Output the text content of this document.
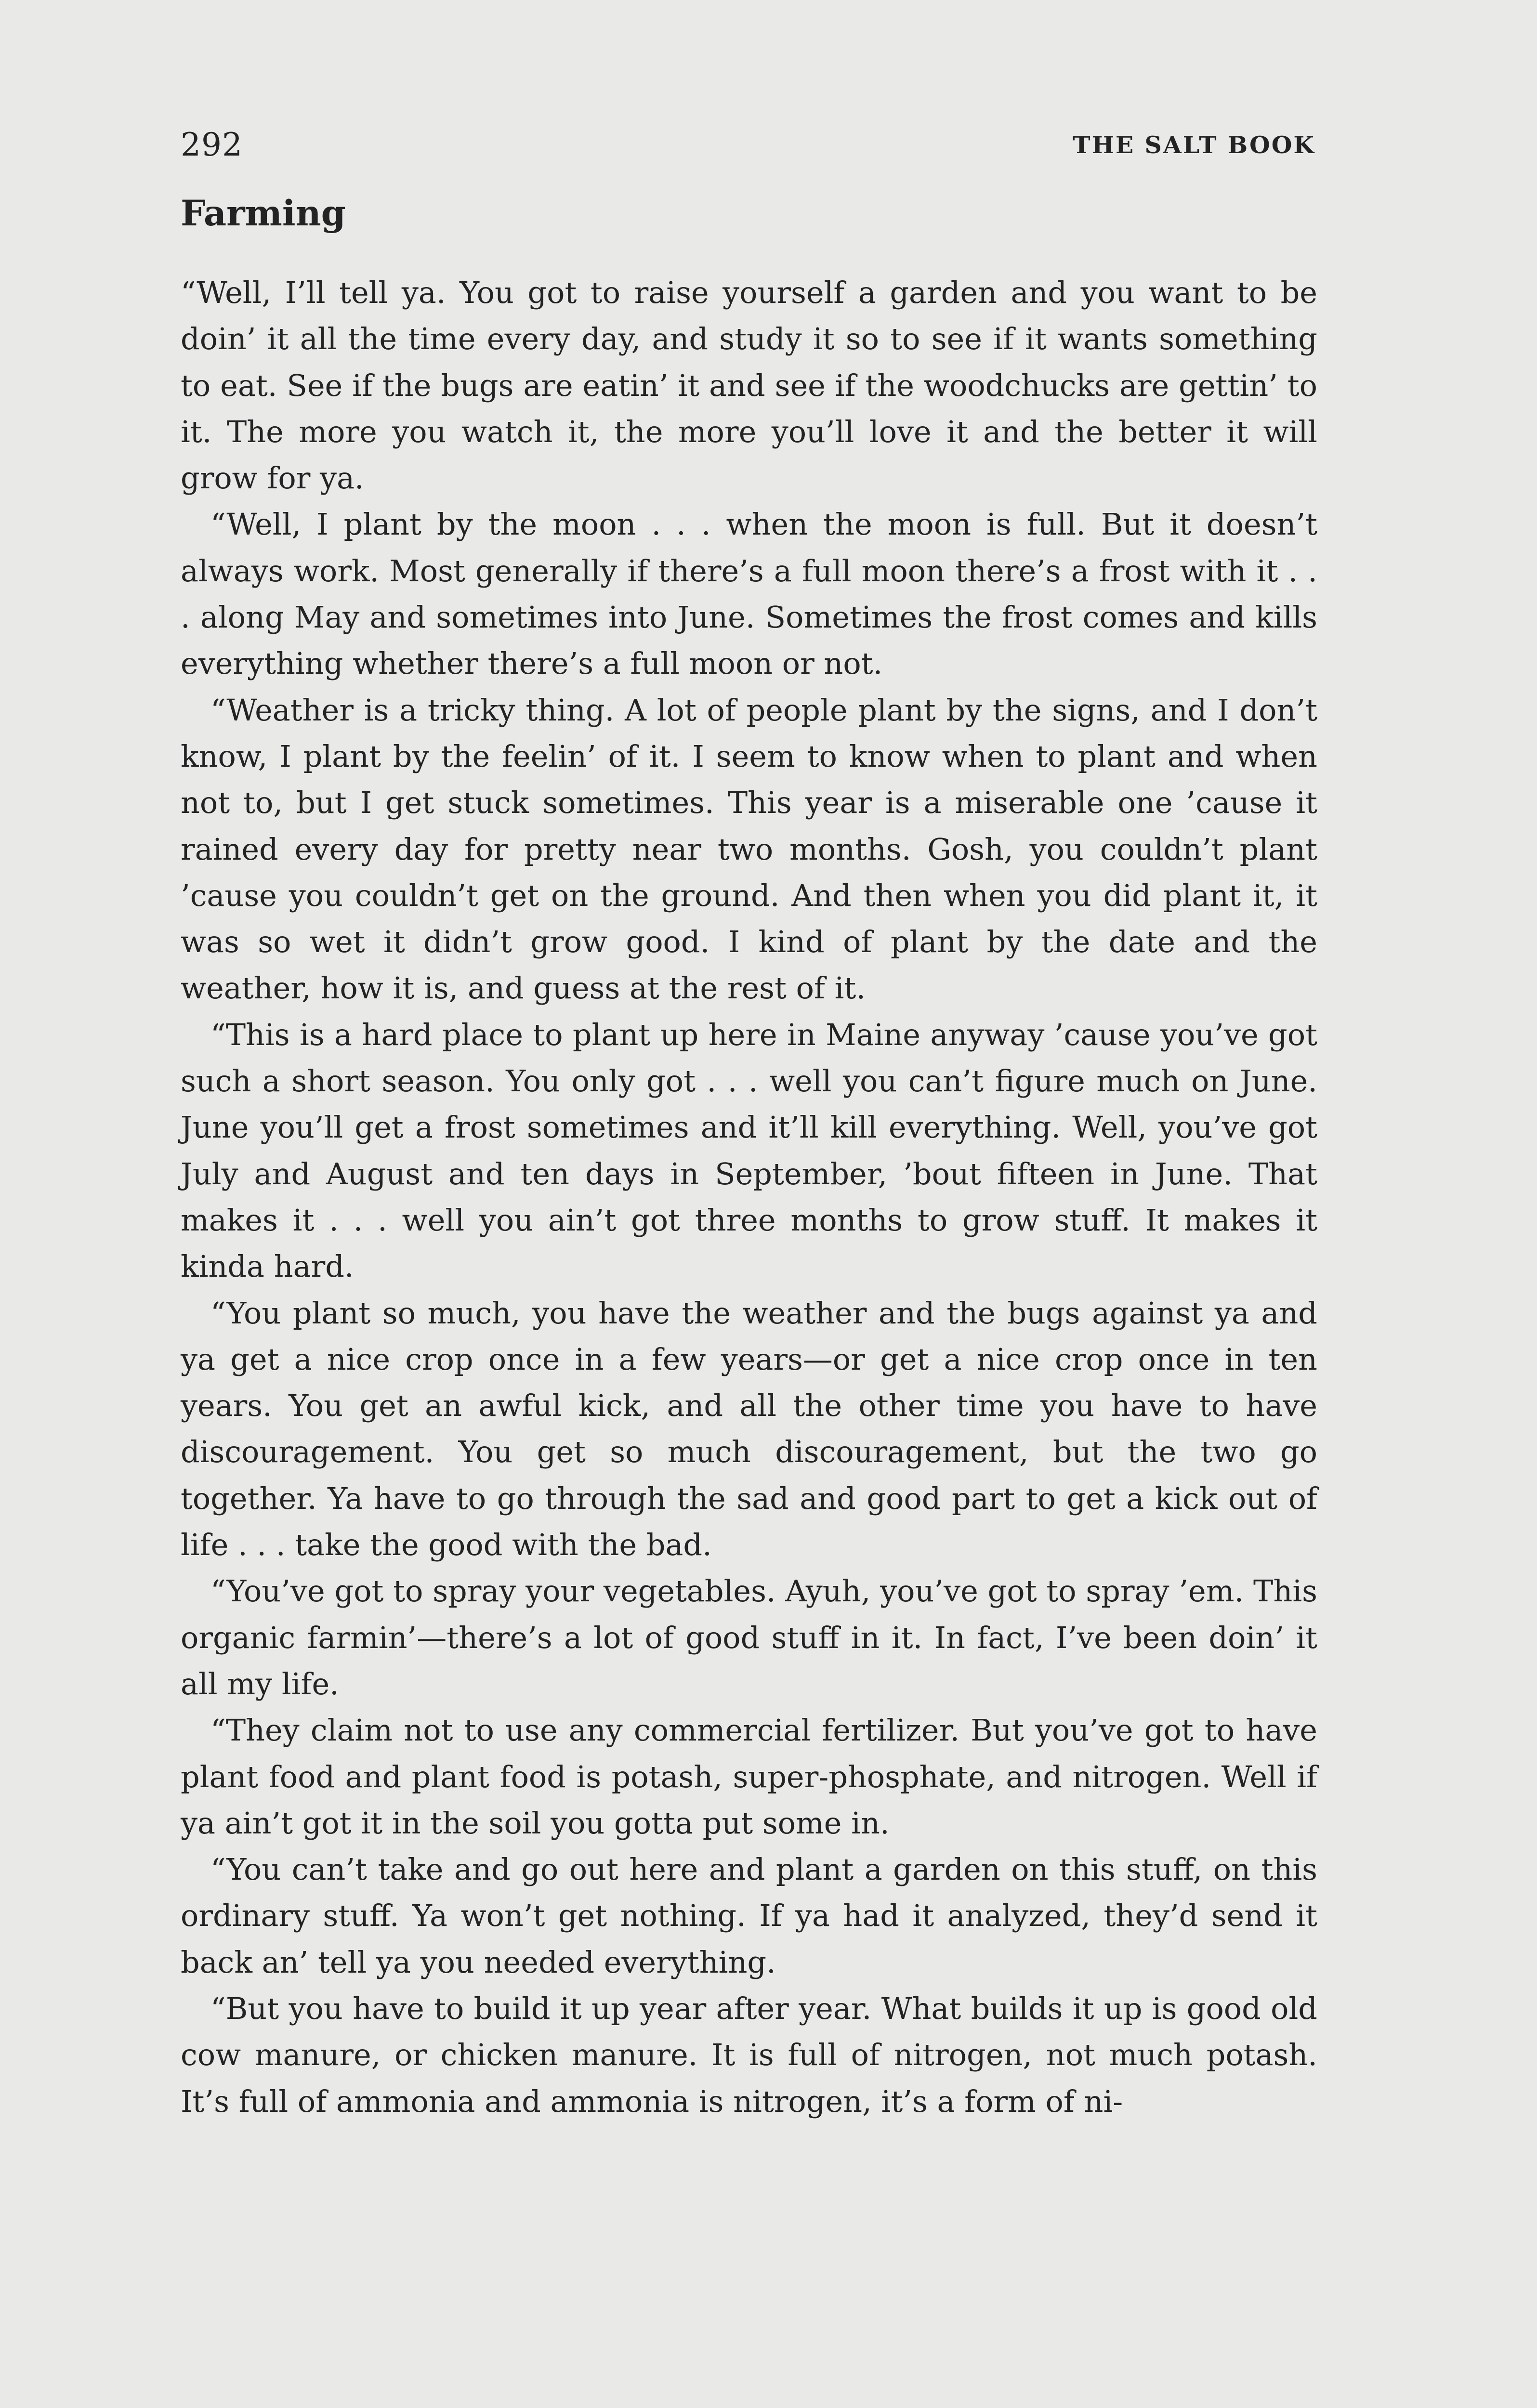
292	THE SALT BOOK
Farming

“Well, I’ll tell ya. You got to raise yourself a garden and you want to be doin’ it all the time every day, and study it so to see if it wants something to eat. See if the bugs are eatin’ it and see if the woodchucks are gettin’ to it. The more you watch it, the more you’ll love it and the better it will grow for ya.

“Well, I plant by the moon . . . when the moon is full. But it doesn’t always work. Most generally if there’s a full moon there’s a frost with it . . . along May and sometimes into June. Sometimes the frost comes and kills everything whether there’s a full moon or not.

“Weather is a tricky thing. A lot of people plant by the signs, and I don’t know, I plant by the feelin’ of it. I seem to know when to plant and when not to, but I get stuck sometimes. This year is a miserable one ’cause it rained every day for pretty near two months. Gosh, you couldn’t plant ’cause you couldn’t get on the ground. And then when you did plant it, it was so wet it didn’t grow good. I kind of plant by the date and the weather, how it is, and guess at the rest of it.

“This is a hard place to plant up here in Maine anyway ’cause you’ve got such a short season. You only got . . . well you can’t figure much on June. June you’ll get a frost sometimes and it’ll kill everything. Well, you’ve got July and August and ten days in September, ’bout fifteen in June. That makes it . . . well you ain’t got three months to grow stuff. It makes it kinda hard.

“You plant so much, you have the weather and the bugs against ya and ya get a nice crop once in a few years—or get a nice crop once in ten years. You get an awful kick, and all the other time you have to have discouragement. You get so much discouragement, but the two go together. Ya have to go through the sad and good part to get a kick out of life . . . take the good with the bad.

“You’ve got to spray your vegetables. Ayuh, you’ve got to spray ’em. This organic farmin’—there’s a lot of good stuff in it. In fact, I’ve been doin’ it all my life.

“They claim not to use any commercial fertilizer. But you’ve got to have plant food and plant food is potash, super-phosphate, and nitrogen. Well if ya ain’t got it in the soil you gotta put some in.

“You can’t take and go out here and plant a garden on this stuff, on this ordinary stuff. Ya won’t get nothing. If ya had it analyzed, they’d send it back an’ tell ya you needed everything.

“But you have to build it up year after year. What builds it up is good old cow manure, or chicken manure. It is full of nitrogen, not much potash. It’s full of ammonia and ammonia is nitrogen, it’s a form of ni-
